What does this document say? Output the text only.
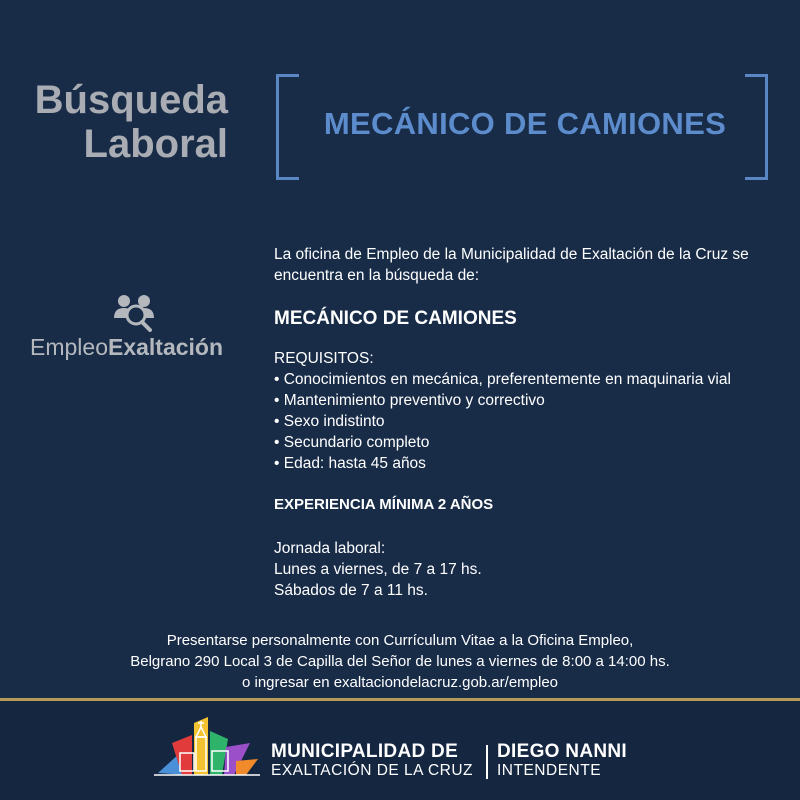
Búsqueda
Laboral	MECÁNICO DE CAMIONES
EmpleoExaltación

La oficina de Empleo de la Municipalidad de Exaltación de la Cruz se
encuentra en la búsqueda de:

MECÁNICO DE CAMIONES
REQUISITOS:
• Conocimientos en mecánica, preferentemente en maquinaria vial
• Mantenimiento preventivo y correctivo
• Sexo indistinto
• Secundario completo
• Edad: hasta 45 años
EXPERIENCIA MÍNIMA 2 AÑOS
Jornada laboral:
Lunes a viernes, de 7 a 17 hs.
Sábados de 7 a 11 hs.
Presentarse personalmente con Currículum Vitae a la Oficina Empleo,
Belgrano 290 Local 3 de Capilla del Señor de lunes a viernes de 8:00 a 14:00 hs.
o ingresar en exaltaciondelacruz.gob.ar/empleo
MUNICIPALIDAD DE
EXALTACIÓN DE LA CRUZ
DIEGO NANNI
INTENDENTE
